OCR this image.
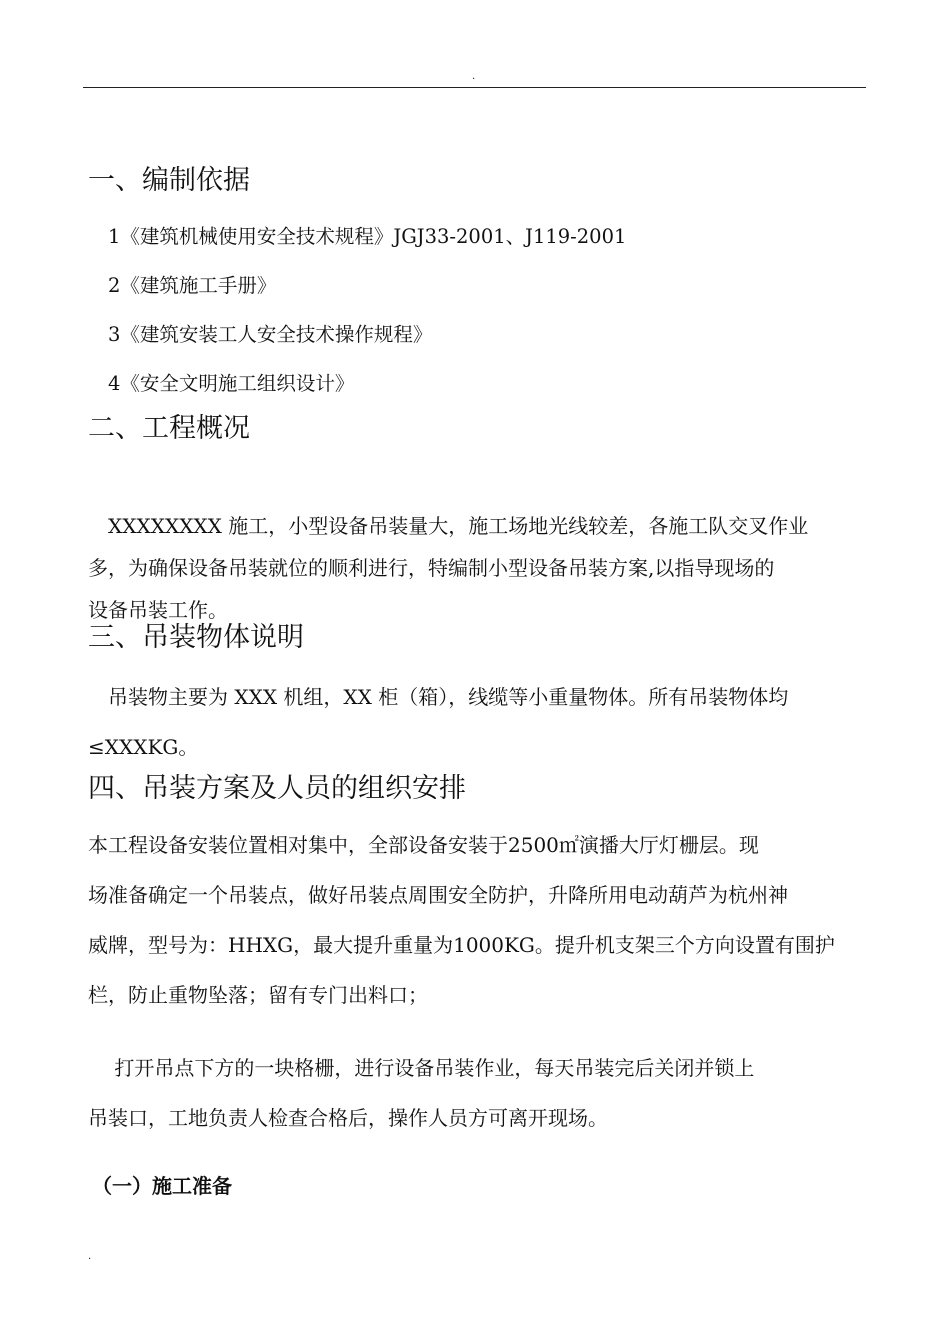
.
一、编制依据
1《建筑机械使用安全技术规程》JGJ33-2001、J119-2001
2《建筑施工手册》
3《建筑安装工人安全技术操作规程》
4《安全文明施工组织设计》
二、工程概况
　XXXXXXXX 施工，小型设备吊装量大，施工场地光线较差，各施工队交叉作业
多，为确保设备吊装就位的顺利进行，特编制小型设备吊装方案,以指导现场的
设备吊装工作。
三、吊装物体说明
　吊装物主要为 XXX 机组，XX 柜（箱），线缆等小重量物体。所有吊装物体均
≤XXXKG。
四、吊装方案及人员的组织安排
本工程设备安装位置相对集中，全部设备安装于2500㎡演播大厅灯栅层。现
场准备确定一个吊装点，做好吊装点周围安全防护，升降所用电动葫芦为杭州神
威牌，型号为：HHXG，最大提升重量为1000KG。提升机支架三个方向设置有围护
栏，防止重物坠落；留有专门出料口；
　 打开吊点下方的一块格栅，进行设备吊装作业，每天吊装完后关闭并锁上
吊装口，工地负责人检查合格后，操作人员方可离开现场。
（一）施工准备
.
